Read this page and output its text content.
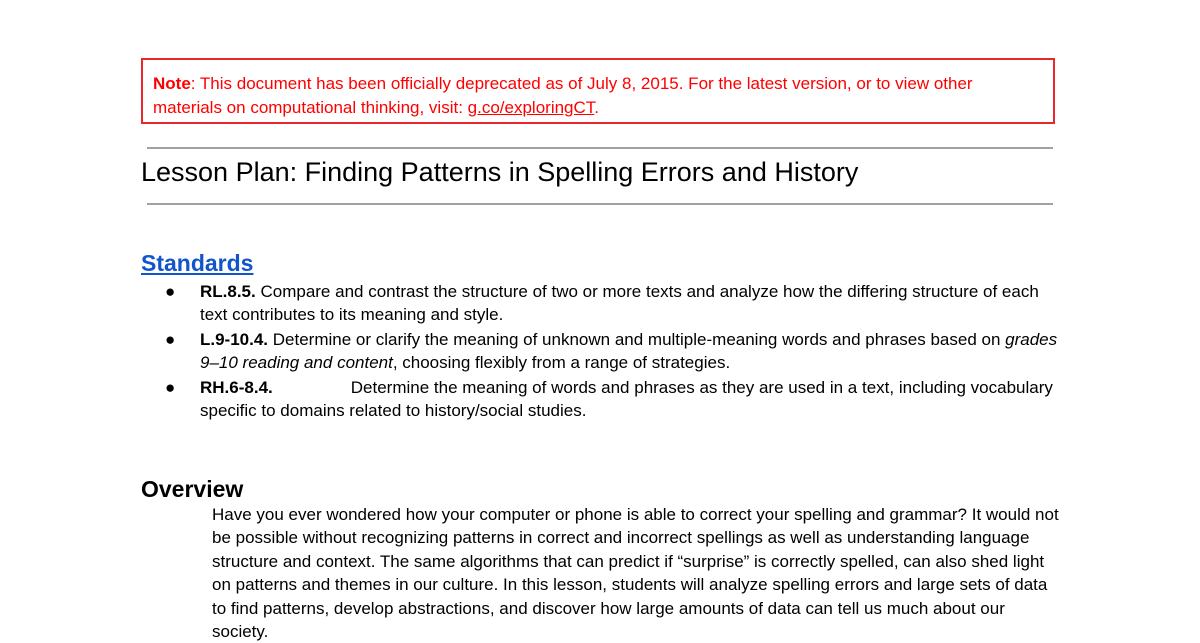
Note: This document has been officially deprecated as of July 8, 2015. For the latest version, or to view other materials on computational thinking, visit: g.co/exploringCT.
Lesson Plan: Finding Patterns in Spelling Errors and History
Standards
● RL.8.5. Compare and contrast the structure of two or more texts and analyze how the differing structure of each text contributes to its meaning and style.
● L.9-10.4. Determine or clarify the meaning of unknown and multiple-meaning words and phrases based on grades 9–10 reading and content, choosing flexibly from a range of strategies.
● RH.6-8.4.	Determine the meaning of words and phrases as they are used in a text, including vocabulary specific to domains related to history/social studies.
Overview
Have you ever wondered how your computer or phone is able to correct your spelling and grammar? It would not be possible without recognizing patterns in correct and incorrect spellings as well as understanding language structure and context. The same algorithms that can predict if “surprise” is correctly spelled, can also shed light on patterns and themes in our culture. In this lesson, students will analyze spelling errors and large sets of data to find patterns, develop abstractions, and discover how large amounts of data can tell us much about our society.
